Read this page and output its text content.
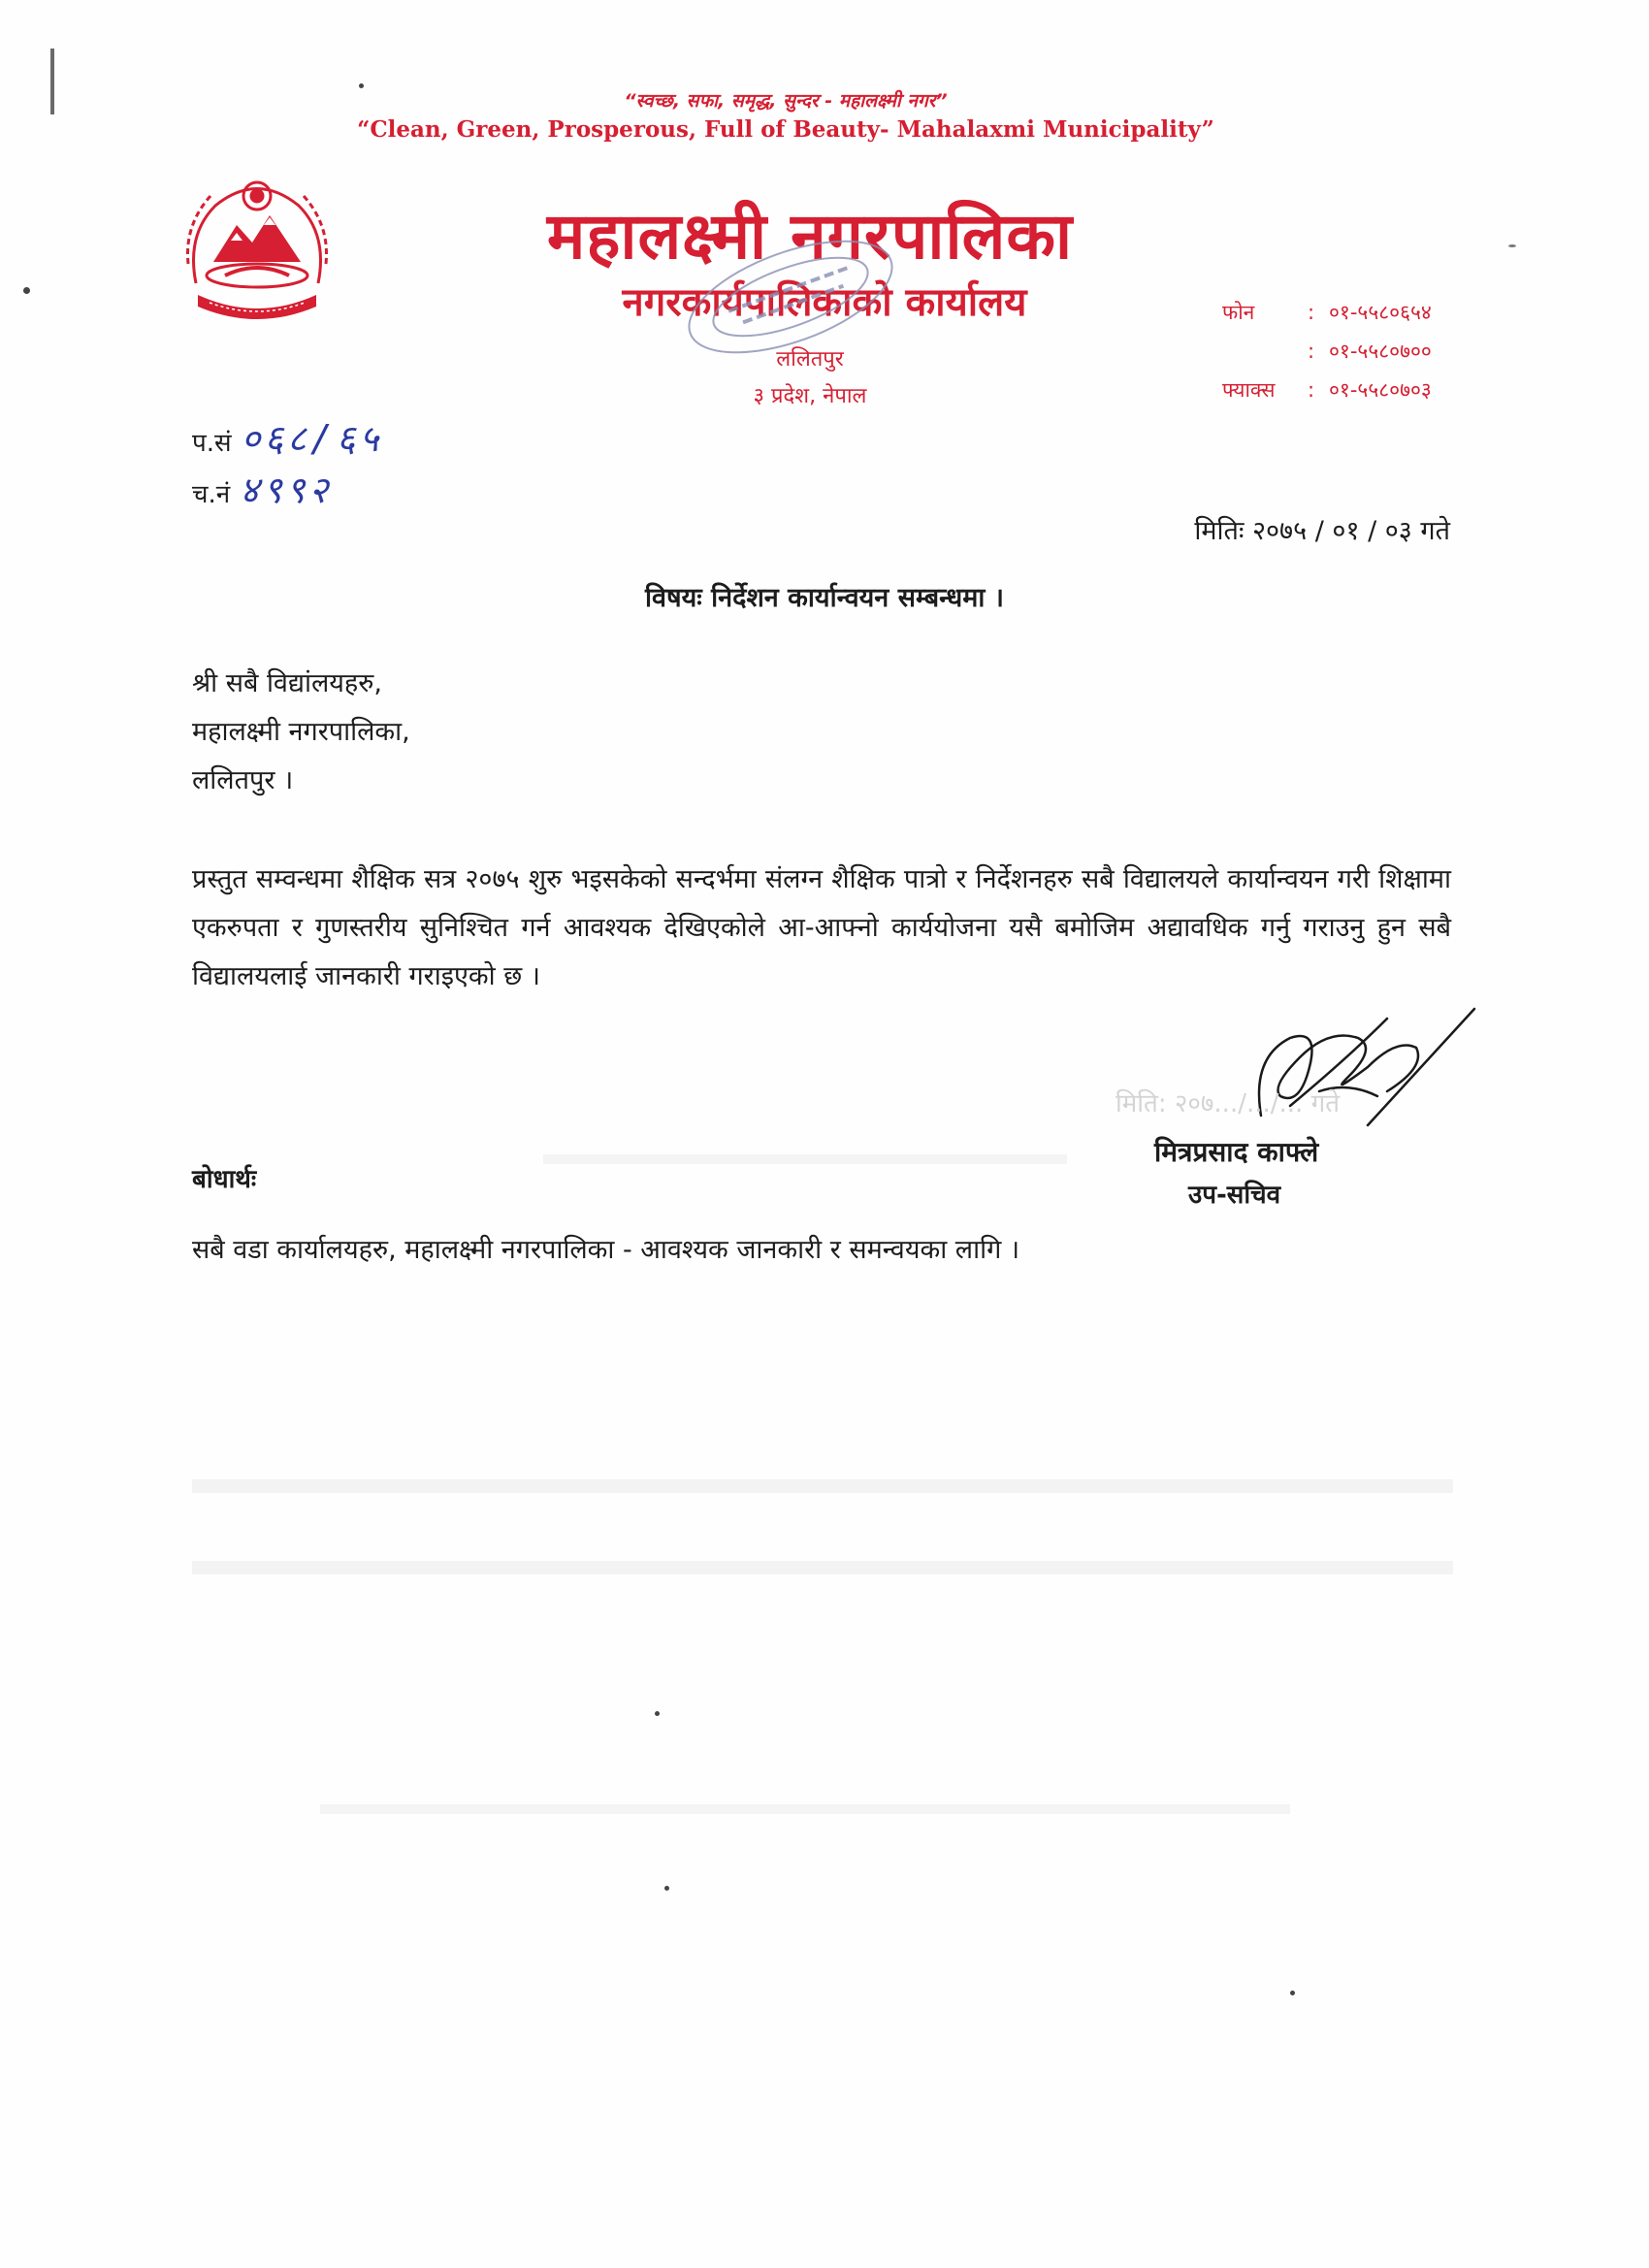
“स्वच्छ, सफा, समृद्ध, सुन्दर - महालक्ष्मी नगर”
“Clean, Green, Prosperous, Full of Beauty- Mahalaxmi Municipality”
महालक्ष्मी नगरपालिका
नगरकार्यपालिकाको कार्यालय
ललितपुर
३ प्रदेश, नेपाल
फोन	: ०१-५५८०६५४
: ०१-५५८०७००
फ्याक्स : ०१-५५८०७०३
प.सं ०६८/६५
च.नं ४९९२
मितिः २०७५ / ०१ / ०३ गते
विषयः निर्देशन कार्यान्वयन सम्बन्धमा ।
श्री सबै विद्यांलयहरु,
महालक्ष्मी नगरपालिका,
ललितपुर ।

प्रस्तुत सम्वन्धमा शैक्षिक सत्र २०७५ शुरु भइसकेको सन्दर्भमा संलग्न शैक्षिक पात्रो र निर्देशनहरु सबै विद्यालयले कार्यान्वयन गरी शिक्षामा एकरुपता र गुणस्तरीय सुनिश्चित गर्न आवश्यक देखिएकोले आ-आफ्नो कार्ययोजना यसै बमोजिम अद्यावधिक गर्नु गराउनु हुन सबै विद्यालयलाई जानकारी गराइएको छ ।

मिति: २०७.../.../... गते
मित्रप्रसाद काफ्ले
उप-सचिव
बोधार्थः
सबै वडा कार्यालयहरु, महालक्ष्मी नगरपालिका - आवश्यक जानकारी र समन्वयका लागि ।
